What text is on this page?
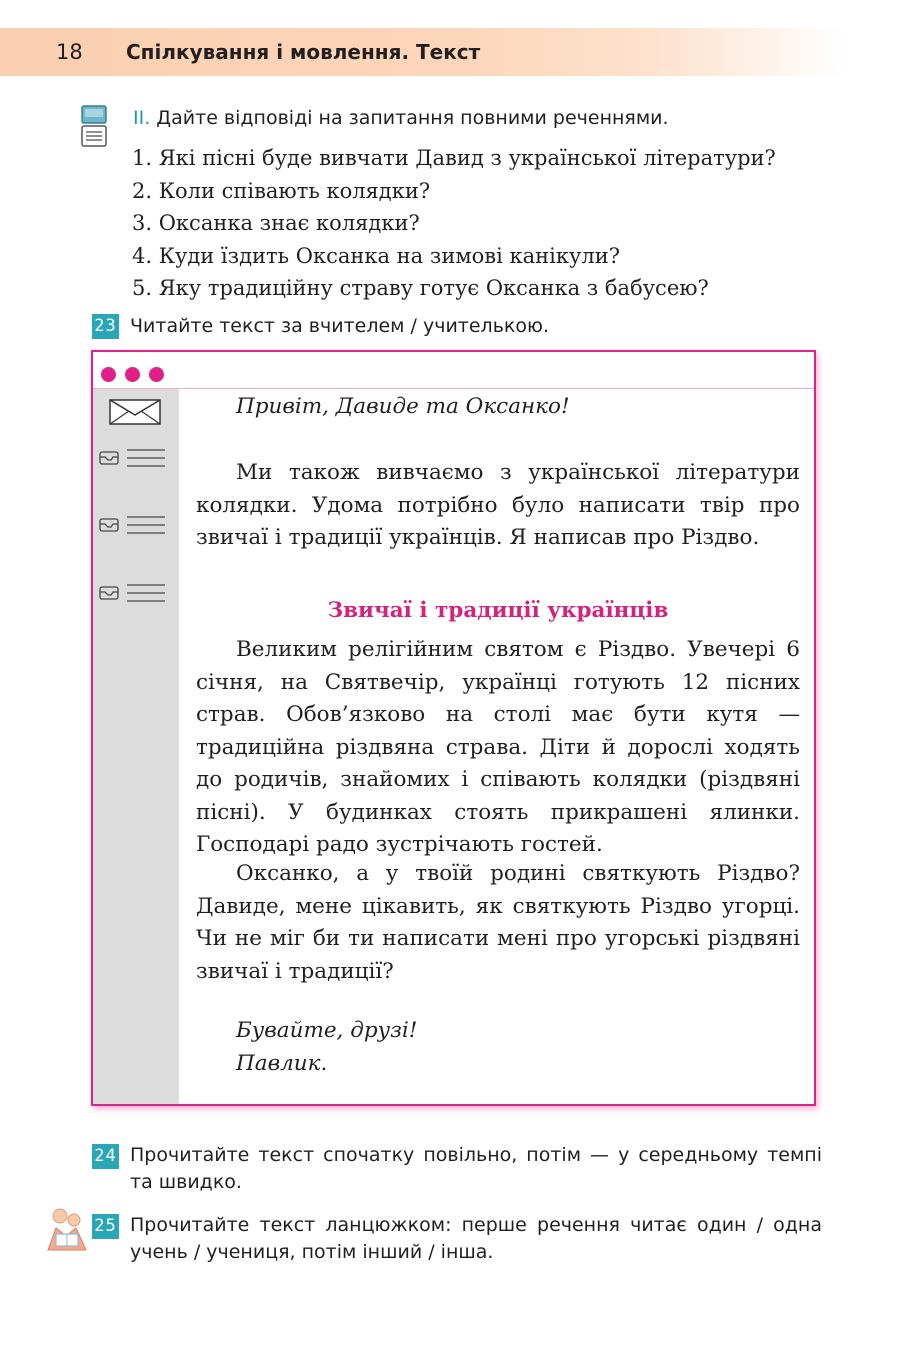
18 Спілкування і мовлення. Текст
II. Дайте відповіді на запитання повними реченнями.
1. Які пісні буде вивчати Давид з української літератури?
2. Коли співають колядки?
3. Оксанка знає колядки?
4. Куди їздить Оксанка на зимові канікули?
5. Яку традиційну страву готує Оксанка з бабусею?
23 Читайте текст за вчителем / учителькою.
Привіт, Давиде та Оксанко!

Ми також вивчаємо з української літератури колядки. Удома потрібно було написати твір про звичаї і традиції українців. Я написав про Різдво.

Звичаї і традиції українців

Великим релігійним святом є Різдво. Увечері 6 січня, на Святвечір, українці готують 12 пісних страв. Обов’язково на столі має бути кутя — традиційна різдвяна страва. Діти й дорослі ходять до родичів, знайомих і співають колядки (різдвяні пісні). У будинках стоять прикрашені ялинки. Господарі радо зустрічають гостей.

Оксанко, а у твоїй родині святкують Різдво? Давиде, мене цікавить, як святкують Різдво угорці. Чи не міг би ти написати мені про угорські різдвяні звичаї і традиції?

Бувайте, друзі!
Павлик.
24 Прочитайте текст спочатку повільно, потім — у середньому темпі та швидко.
25 Прочитайте текст ланцюжком: перше речення читає один / одна учень / учениця, потім інший / інша.
